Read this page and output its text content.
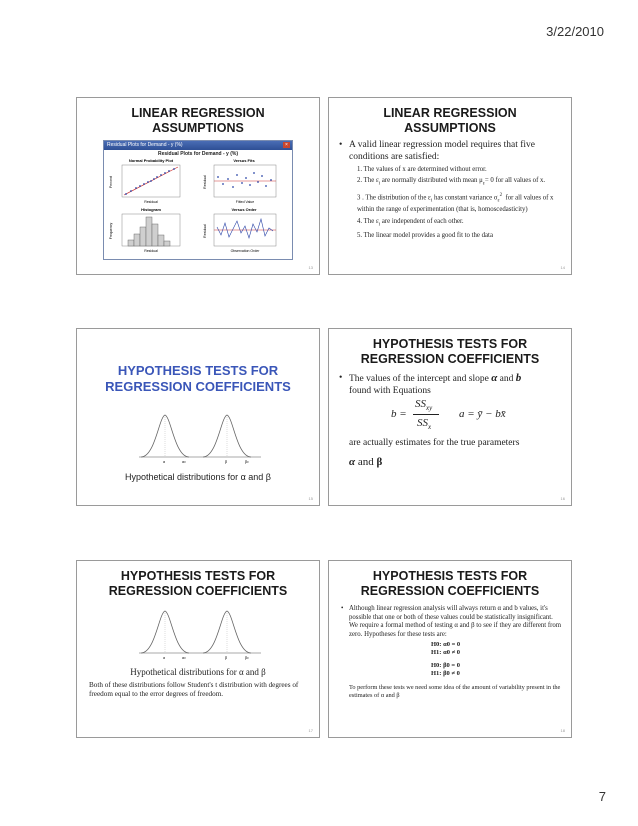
3/22/2010
LINEAR REGRESSION
ASSUMPTIONS
Residual Plots for Demand - y (%)	×
Residual Plots for Demand - y (%)
Normal Probability Plot
Residual
Percent
Versus Fits
Fitted Value
Residual
Histogram
Residual
Frequency
Versus Order
Observation Order
Residual
13
LINEAR REGRESSION
ASSUMPTIONS
• A valid linear regression model requires that five conditions are satisfied:
1. The values of x are determined without error.
2. The $\varepsilon_i$ are normally distributed with mean $\mu_\varepsilon= 0$ for all values of x.
3 . The distribution of the $\varepsilon_i$ has constant variance $\sigma_\varepsilon^2$  for all values of x within the range of experimentation (that is, homoscedasticity)
4. The $\varepsilon_i$ are independent of each other.
5. The linear model provides a good fit to the data
14
HYPOTHESIS TESTS FOR
REGRESSION COEFFICIENTS
α	α0	β	β0
Hypothetical distributions for α and β
15
HYPOTHESIS TESTS FOR
REGRESSION COEFFICIENTS
• The values of the intercept and slope α and b
found with Equations
b =
$SS_{xy}$
$SS_x$
a = ȳ − bx̄
are actually estimates for the true parameters
α and β
16
HYPOTHESIS TESTS FOR
REGRESSION COEFFICIENTS
α	α0	β	β0
Hypothetical distributions for α and β
Both of these distributions follow Student's t distribution with degrees of freedom equal to the error degrees of freedom.
17
HYPOTHESIS TESTS FOR
REGRESSION COEFFICIENTS
• Although linear regression analysis will always return α and b values, it's possible that one or both of these values could be statistically insignificant. We require a formal method of testing α and β to see if they are different from zero. Hypotheses for these tests are:
H0: α0 = 0
H1: α0 ≠ 0
H0: β0 = 0
H1: β0 ≠ 0
To perform these tests we need some idea of the amount of variability present in the estimates of α and β
18
7
